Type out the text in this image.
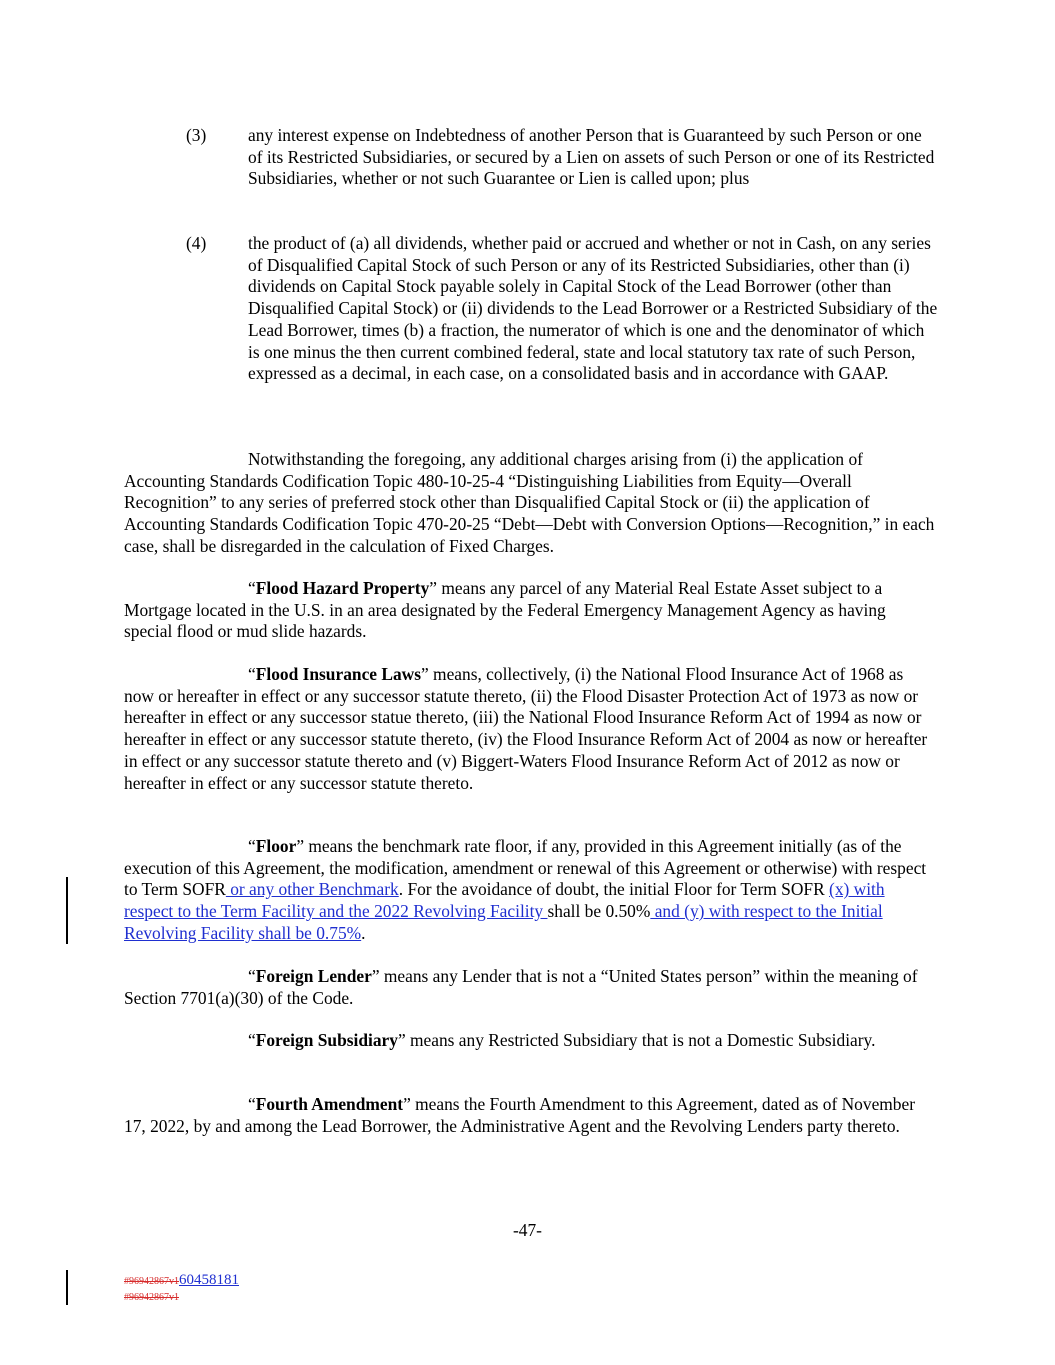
(3) any interest expense on Indebtedness of another Person that is Guaranteed by such Person or one of its Restricted Subsidiaries, or secured by a Lien on assets of such Person or one of its Restricted Subsidiaries, whether or not such Guarantee or Lien is called upon; plus

(4) the product of (a) all dividends, whether paid or accrued and whether or not in Cash, on any series of Disqualified Capital Stock of such Person or any of its Restricted Subsidiaries, other than (i) dividends on Capital Stock payable solely in Capital Stock of the Lead Borrower (other than Disqualified Capital Stock) or (ii) dividends to the Lead Borrower or a Restricted Subsidiary of the Lead Borrower, times (b) a fraction, the numerator of which is one and the denominator of which is one minus the then current combined federal, state and local statutory tax rate of such Person, expressed as a decimal, in each case, on a consolidated basis and in accordance with GAAP.

Notwithstanding the foregoing, any additional charges arising from (i) the application of Accounting Standards Codification Topic 480-10-25-4 “Distinguishing Liabilities from Equity—Overall Recognition” to any series of preferred stock other than Disqualified Capital Stock or (ii) the application of Accounting Standards Codification Topic 470-20-25 “Debt—Debt with Conversion Options—Recognition,” in each case, shall be disregarded in the calculation of Fixed Charges.

“Flood Hazard Property” means any parcel of any Material Real Estate Asset subject to a Mortgage located in the U.S. in an area designated by the Federal Emergency Management Agency as having special flood or mud slide hazards.

“Flood Insurance Laws” means, collectively, (i) the National Flood Insurance Act of 1968 as now or hereafter in effect or any successor statute thereto, (ii) the Flood Disaster Protection Act of 1973 as now or hereafter in effect or any successor statue thereto, (iii) the National Flood Insurance Reform Act of 1994 as now or hereafter in effect or any successor statute thereto, (iv) the Flood Insurance Reform Act of 2004 as now or hereafter in effect or any successor statute thereto and (v) Biggert-Waters Flood Insurance Reform Act of 2012 as now or hereafter in effect or any successor statute thereto.

“Floor” means the benchmark rate floor, if any, provided in this Agreement initially (as of the execution of this Agreement, the modification, amendment or renewal of this Agreement or otherwise) with respect to Term SOFR or any other Benchmark. For the avoidance of doubt, the initial Floor for Term SOFR (x) with respect to the Term Facility and the 2022 Revolving Facility shall be 0.50% and (y) with respect to the Initial Revolving Facility shall be 0.75%.

“Foreign Lender” means any Lender that is not a “United States person” within the meaning of Section 7701(a)(30) of the Code.

“Foreign Subsidiary” means any Restricted Subsidiary that is not a Domestic Subsidiary.

“Fourth Amendment” means the Fourth Amendment to this Agreement, dated as of November 17, 2022, by and among the Lead Borrower, the Administrative Agent and the Revolving Lenders party thereto.

-47-
#96942867v160458181
#96942867v1
